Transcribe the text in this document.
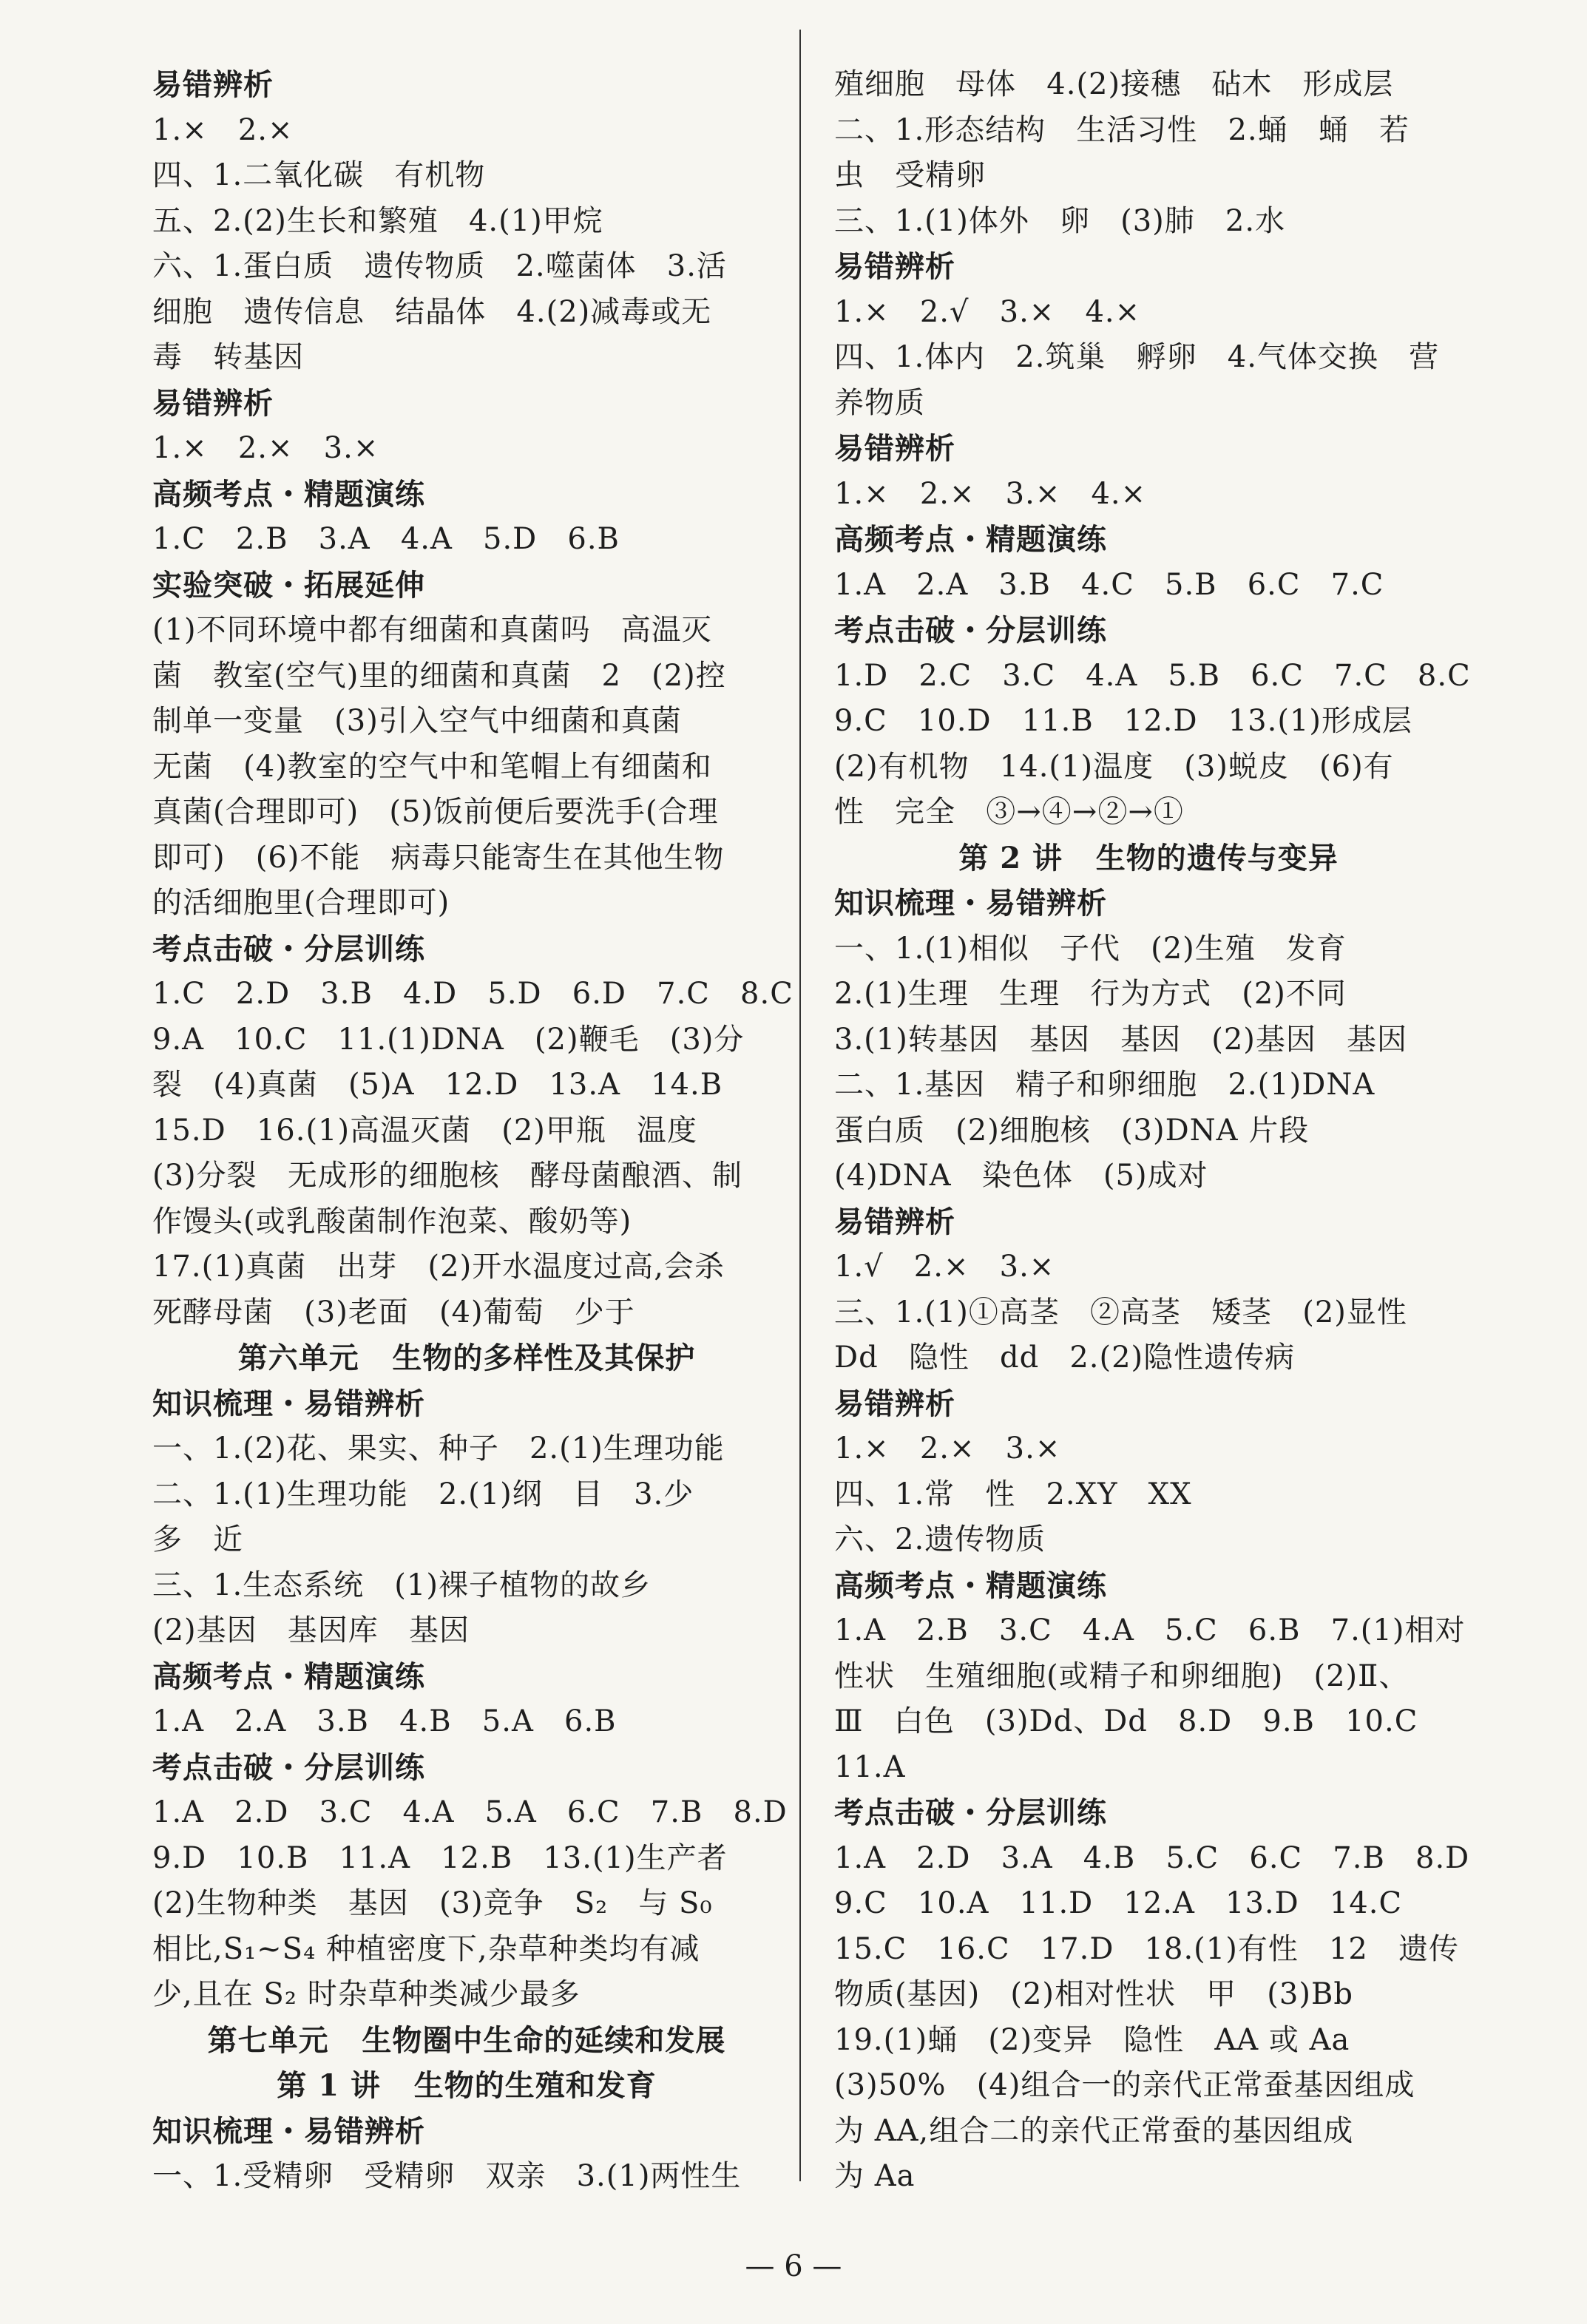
易错辨析
1.×   2.×
四、1.二氧化碳   有机物
五、2.(2)生长和繁殖   4.(1)甲烷
六、1.蛋白质   遗传物质   2.噬菌体   3.活
细胞   遗传信息   结晶体   4.(2)减毒或无
毒   转基因
易错辨析
1.×   2.×   3.×
高频考点・精题演练
1.C   2.B   3.A   4.A   5.D   6.B
实验突破・拓展延伸
(1)不同环境中都有细菌和真菌吗   高温灭
菌   教室(空气)里的细菌和真菌   2   (2)控
制单一变量   (3)引入空气中细菌和真菌
无菌   (4)教室的空气中和笔帽上有细菌和
真菌(合理即可)   (5)饭前便后要洗手(合理
即可)   (6)不能   病毒只能寄生在其他生物
的活细胞里(合理即可)
考点击破・分层训练
1.C   2.D   3.B   4.D   5.D   6.D   7.C   8.C
9.A   10.C   11.(1)DNA   (2)鞭毛   (3)分
裂   (4)真菌   (5)A   12.D   13.A   14.B
15.D   16.(1)高温灭菌   (2)甲瓶   温度
(3)分裂   无成形的细胞核   酵母菌酿酒、制
作馒头(或乳酸菌制作泡菜、酸奶等)
17.(1)真菌   出芽   (2)开水温度过高,会杀
死酵母菌   (3)老面   (4)葡萄   少于
第六单元   生物的多样性及其保护
知识梳理・易错辨析
一、1.(2)花、果实、种子   2.(1)生理功能
二、1.(1)生理功能   2.(1)纲   目   3.少
多   近
三、1.生态系统   (1)裸子植物的故乡
(2)基因   基因库   基因
高频考点・精题演练
1.A   2.A   3.B   4.B   5.A   6.B
考点击破・分层训练
1.A   2.D   3.C   4.A   5.A   6.C   7.B   8.D
9.D   10.B   11.A   12.B   13.(1)生产者
(2)生物种类   基因   (3)竞争   S₂   与 S₀
相比,S₁~S₄ 种植密度下,杂草种类均有减
少,且在 S₂ 时杂草种类减少最多
第七单元   生物圈中生命的延续和发展
第 1 讲   生物的生殖和发育
知识梳理・易错辨析
一、1.受精卵   受精卵   双亲   3.(1)两性生
殖细胞   母体   4.(2)接穗   砧木   形成层
二、1.形态结构   生活习性   2.蛹   蛹   若
虫   受精卵
三、1.(1)体外   卵   (3)肺   2.水
易错辨析
1.×   2.√   3.×   4.×
四、1.体内   2.筑巢   孵卵   4.气体交换   营
养物质
易错辨析
1.×   2.×   3.×   4.×
高频考点・精题演练
1.A   2.A   3.B   4.C   5.B   6.C   7.C
考点击破・分层训练
1.D   2.C   3.C   4.A   5.B   6.C   7.C   8.C
9.C   10.D   11.B   12.D   13.(1)形成层
(2)有机物   14.(1)温度   (3)蜕皮   (6)有
性   完全   ③→④→②→①
第 2 讲   生物的遗传与变异
知识梳理・易错辨析
一、1.(1)相似   子代   (2)生殖   发育
2.(1)生理   生理   行为方式   (2)不同
3.(1)转基因   基因   基因   (2)基因   基因
二、1.基因   精子和卵细胞   2.(1)DNA
蛋白质   (2)细胞核   (3)DNA 片段
(4)DNA   染色体   (5)成对
易错辨析
1.√   2.×   3.×
三、1.(1)①高茎   ②高茎   矮茎   (2)显性
Dd   隐性   dd   2.(2)隐性遗传病
易错辨析
1.×   2.×   3.×
四、1.常   性   2.XY   XX
六、2.遗传物质
高频考点・精题演练
1.A   2.B   3.C   4.A   5.C   6.B   7.(1)相对
性状   生殖细胞(或精子和卵细胞)   (2)Ⅱ、
Ⅲ   白色   (3)Dd、Dd   8.D   9.B   10.C
11.A
考点击破・分层训练
1.A   2.D   3.A   4.B   5.C   6.C   7.B   8.D
9.C   10.A   11.D   12.A   13.D   14.C
15.C   16.C   17.D   18.(1)有性   12   遗传
物质(基因)   (2)相对性状   甲   (3)Bb
19.(1)蛹   (2)变异   隐性   AA 或 Aa
(3)50%   (4)组合一的亲代正常蚕基因组成
为 AA,组合二的亲代正常蚕的基因组成
为 Aa
— 6 —
